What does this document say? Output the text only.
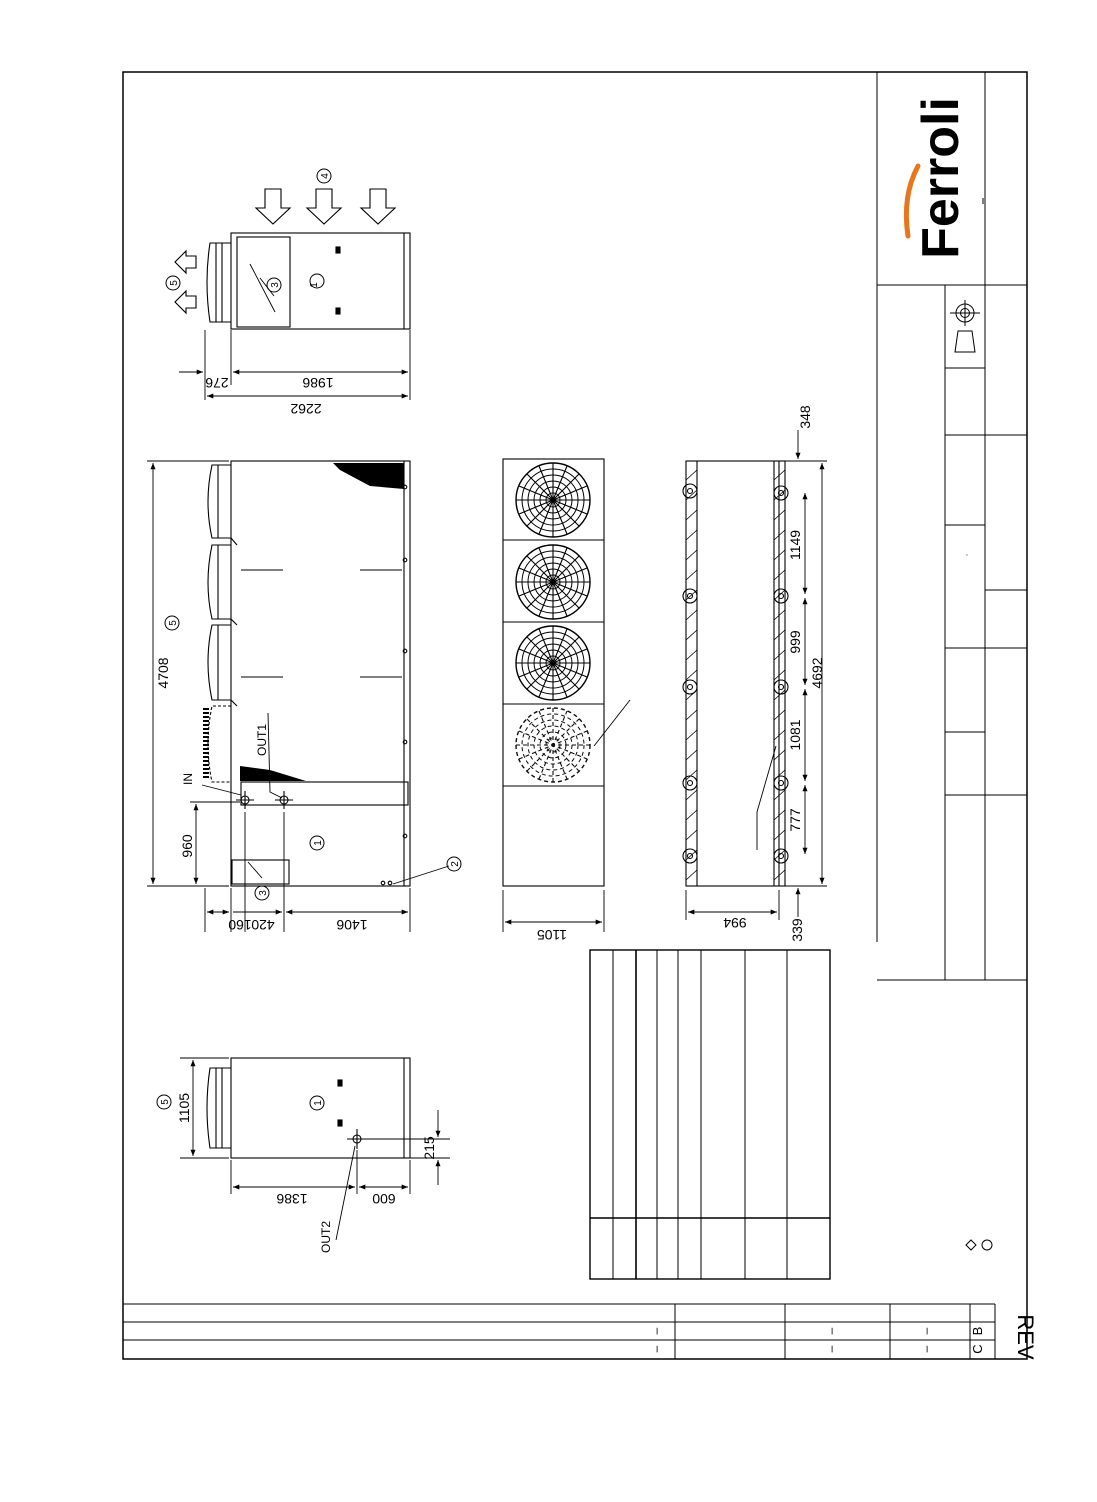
Ferroli
–	–	–
–	–	–
B
C REV
1
3
4
5
276	1986
2262
5
1
3
2
IN
OUT1
4708
960
160 420	1406
1105
348
1149
999
1081
777
4692
339
994
1
5
OUT2
1105
1386	600
215
